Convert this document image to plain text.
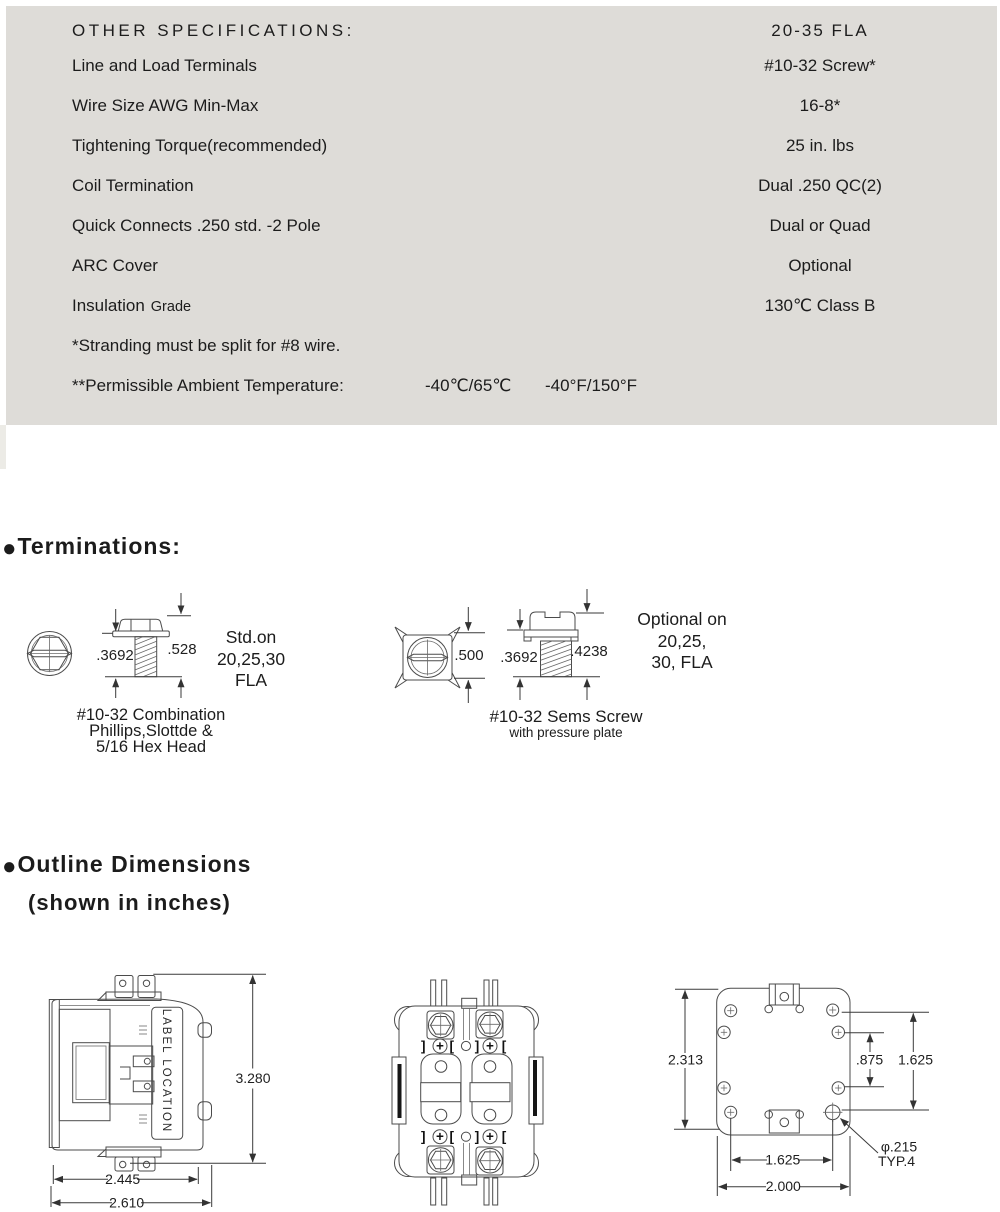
OTHER SPECIFICATIONS:	20-35 FLA
Line and Load Terminals	#10-32 Screw*
Wire Size AWG Min-Max	16-8*
Tightening Torque(recommended)	25 in. lbs
Coil Termination	Dual .250 QC(2)
Quick Connects .250 std. -2 Pole	Dual or Quad
ARC Cover	Optional
Insulation Grade	130℃ Class B
*Stranding must be split for #8 wire.
**Permissible Ambient Temperature:	-40℃/65℃ -40°F/150°F
●Terminations:
.3692 .528
Std.on
20,25,30
FLA
#10-32 Combination
Phillips,Slottde &
5/16 Hex Head
.500 .3692 .4238
Optional on
20,25,
30, FLA
#10-32 Sems Screw
with pressure plate
●Outline Dimensions
(shown in inches)
LABEL LOCATION	3.280
2.445
2.610
] + [ ] + [
] + [ ] + [
2.313	1.625
.875
1.625
2.000
φ.215
TYP.4
